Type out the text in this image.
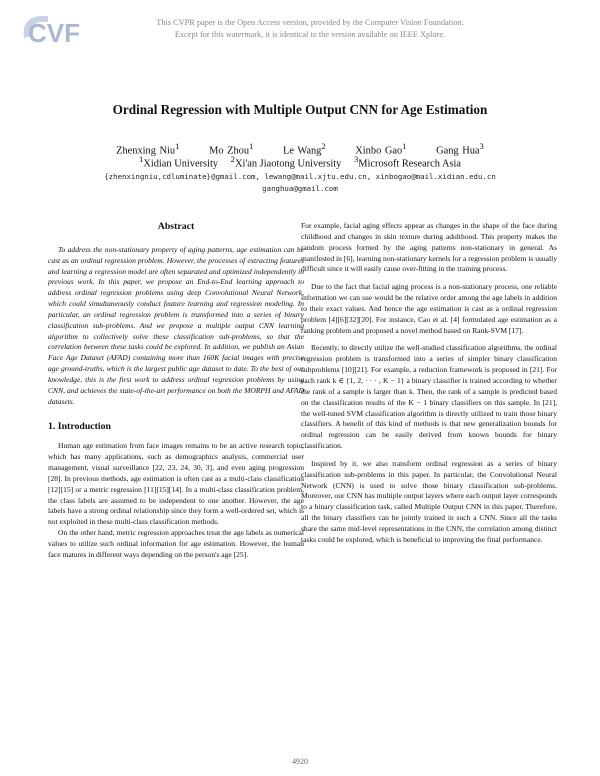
CVF	This CVPR paper is the Open Access version, provided by the Computer Vision Foundation.
Except for this watermark, it is identical to the version available on IEEE Xplore.
Ordinal Regression with Multiple Output CNN for Age Estimation
Zhenxing Niu$^1$	Mo Zhou$^1$	Le Wang$^2$	Xinbo Gao$^1$	Gang Hua$^3$
$^1$Xidian University $^2$Xi'an Jiaotong University $^3$Microsoft Research Asia
{zhenxingniu,cdluminate}@gmail.com, lewang@mail.xjtu.edu.cn, xinbogao@mail.xidian.edu.cn
ganghua@gmail.com
Abstract

To address the non-stationary property of aging patterns, age estimation can be cast as an ordinal regression problem. However, the processes of extracting features and learning a regression model are often separated and optimized independently in previous work. In this paper, we propose an End-to-End learning approach to address ordinal regression problems using deep Convolutional Neural Network, which could simultaneously conduct feature learning and regression modeling. In particular, an ordinal regression problem is transformed into a series of binary classification sub-problems. And we propose a multiple output CNN learning algorithm to collectively solve these classification sub-problems, so that the correlation between these tasks could be explored. In addition, we publish an Asian Face Age Dataset (AFAD) containing more than 160K facial images with precise age ground-truths, which is the largest public age dataset to date. To the best of our knowledge, this is the first work to address ordinal regression problems by using CNN, and achieves the state-of-the-art performance on both the MORPH and AFAD datasets.

1. Introduction

Human age estimation from face images remains to be an active research topic, which has many applications, such as demographics analysis, commercial user management, visual surveillance [22, 23, 24, 30, 3], and even aging progression [28]. In previous methods, age estimation is often cast as a multi-class classification [12][15] or a metric regression [11][15][14]. In a multi-class classification problem, the class labels are assumed to be independent to one another. However, the age labels have a strong ordinal relationship since they form a well-ordered set, which is not exploited in these multi-class classification methods.

On the other hand, metric regression approaches treat the age labels as numerical values to utilize such ordinal information for age estimation. However, the human face matures in different ways depending on the person's age [25].

For example, facial aging effects appear as changes in the shape of the face during childhood and changes in skin texture during adulthood. This property makes the random process formed by the aging patterns non-stationary in general. As manifested in [6], learning non-stationary kernels for a regression problem is usually difficult since it will easily cause over-fitting in the training process.

Due to the fact that facial aging process is a non-stationary process, one reliable information we can use would be the relative order among the age labels in addition to their exact values. And hence the age estimation is cast as a ordinal regression problem [4][6][32][20]. For instance, Cao et al. [4] formulated age estimation as a ranking problem and proposed a novel method based on Rank-SVM [17].

Recently, to directly utilize the well-studied classification algorithms, the ordinal regression problem is transformed into a series of simpler binary classification subproblems [10][21]. For example, a reduction framework is proposed in [21]. For each rank k ∈ {1, 2, · · · , K − 1} a binary classifier is trained according to whether the rank of a sample is larger than k. Then, the rank of a sample is predicted based on the classification results of the K − 1 binary classifiers on this sample. In [21], the well-tuned SVM classification algorithm is directly utilized to train those binary classifiers. A benefit of this kind of methods is that new generalization bounds for ordinal regression can be easily derived from known bounds for binary classification.

Inspired by it, we also transform ordinal regression as a series of binary classification sub-problems in this paper. In particular, the Convolutional Neural Network (CNN) is used to solve those binary classification sub-problems. Moreover, our CNN has multiple output layers where each output layer corresponds to a binary classification task, called Multiple Output CNN in this paper. Therefore, all the binary classifiers can be jointly trained in such a CNN. Since all the tasks share the same mid-level representations in the CNN, the correlation among distinct tasks could be explored, which is beneficial to improving the final performance.

4920
